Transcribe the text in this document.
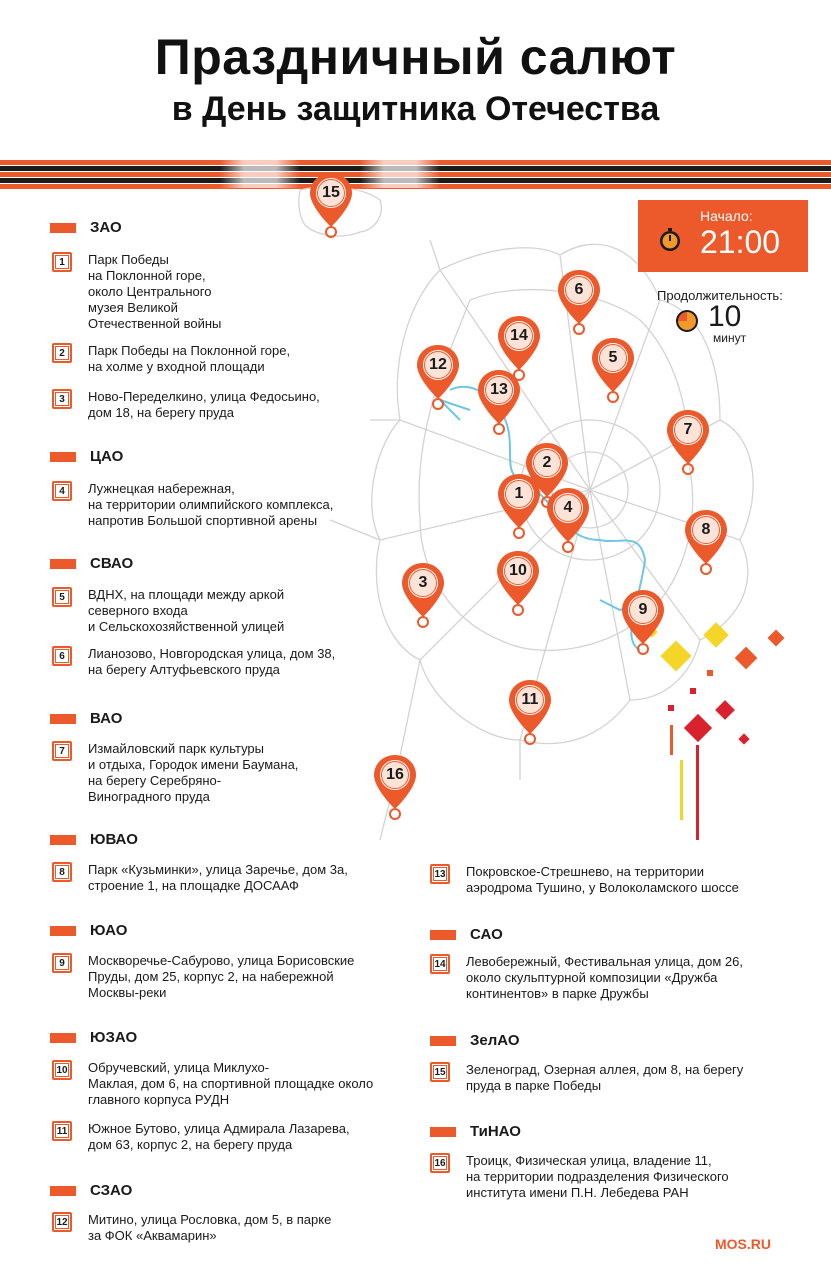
Праздничный салют
в День защитника Отечества
1
2
3
4
5
6
7
8
9
10
11
12
13
14
15
16
Начало:
21:00
Продолжительность:
10
минут
ЗАО
1	Парк Победы
на Поклонной горе,
около Центрального
музея Великой
Отечественной войны
2	Парк Победы на Поклонной горе,
на холме у входной площади
3	Ново-Переделкино, улица Федосьино,
дом 18, на берегу пруда
ЦАО
4	Лужнецкая набережная,
на территории олимпийского комплекса,
напротив Большой спортивной арены
СВАО
5	ВДНХ, на площади между аркой
северного входа
и Сельскохозяйственной улицей
6	Лианозово, Новгородская улица, дом 38,
на берегу Алтуфьевского пруда
ВАО
7	Измайловский парк культуры
и отдыха, Городок имени Баумана,
на берегу Серебряно-
Виноградного пруда
ЮВАО
8	Парк «Кузьминки», улица Заречье, дом 3а,
строение 1, на площадке ДОСААФ
ЮАО
9	Москворечье-Сабурово, улица Борисовские
Пруды, дом 25, корпус 2, на набережной
Москвы-реки
ЮЗАО
10 Обручевский, улица Миклухо-
Маклая, дом 6, на спортивной площадке около
главного корпуса РУДН
11 Южное Бутово, улица Адмирала Лазарева,
дом 63, корпус 2, на берегу пруда
СЗАО
12 Митино, улица Рословка, дом 5, в парке
за ФОК «Аквамарин»
13 Покровское-Стрешнево, на территории
аэродрома Тушино, у Волоколамского шоссе
САО
14 Левобережный, Фестивальная улица, дом 26,
около скульптурной композиции «Дружба
континентов» в парке Дружбы
ЗелАО
15 Зеленоград, Озерная аллея, дом 8, на берегу
пруда в парке Победы
ТиНАО
16 Троицк, Физическая улица, владение 11,
на территории подразделения Физического
института имени П.Н. Лебедева РАН
MOS.RU
